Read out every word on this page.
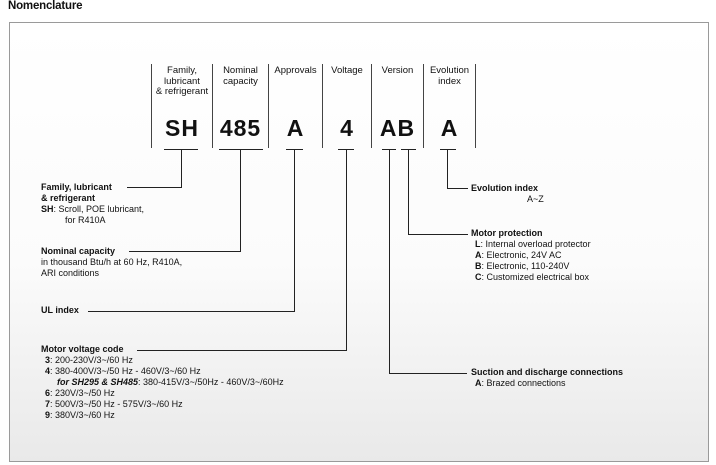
Nomenclature
Family,
lubricant
& refrigerant
SH
Nominal
capacity
485
Approvals
A
Voltage
4
Version
AB
Evolution
index
A
Family, lubricant
& refrigerant
SH: Scroll, POE lubricant,
for R410A
Nominal capacity
in thousand Btu/h at 60 Hz, R410A,
ARI conditions
UL index
Motor voltage code
3: 200-230V/3~/60 Hz
4: 380-400V/3~/50 Hz - 460V/3~/60 Hz
for SH295 & SH485: 380-415V/3~/50Hz - 460V/3~/60Hz
6: 230V/3~/50 Hz
7: 500V/3~/50 Hz - 575V/3~/60 Hz
9: 380V/3~/60 Hz
Evolution index
A~Z
Motor protection
L: Internal overload protector
A: Electronic, 24V AC
B: Electronic, 110-240V
C: Customized electrical box
Suction and discharge connections
A: Brazed connections
